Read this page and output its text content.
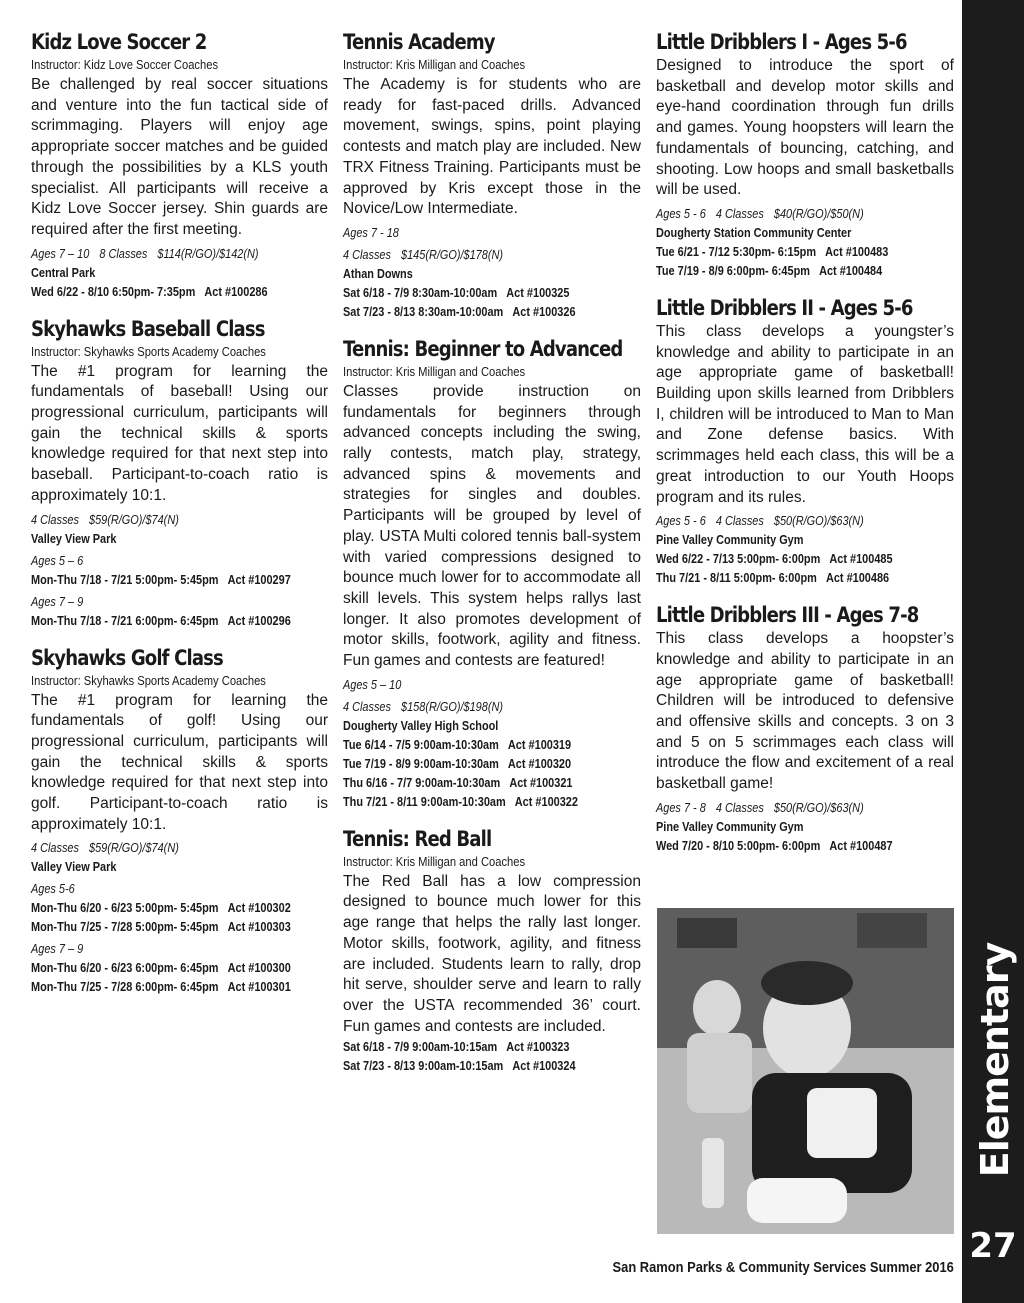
Kidz Love Soccer 2
Instructor: Kidz Love Soccer Coaches

Be challenged by real soccer situations and venture into the fun tactical side of scrimmaging. Players will enjoy age appropriate soccer matches and be guided through the possibilities by a KLS youth specialist. All participants will receive a Kidz Love Soccer jersey. Shin guards are required after the first meeting.

Ages 7 – 10 8 Classes $114(R/GO)/$142(N)
Central Park
Wed 6/22 - 8/10 6:50pm- 7:35pm Act #100286
Skyhawks Baseball Class
Instructor: Skyhawks Sports Academy Coaches

The #1 program for learning the fundamentals of baseball! Using our progressional curriculum, participants will gain the technical skills & sports knowledge required for that next step into baseball. Participant-to-coach ratio is approximately 10:1.

4 Classes $59(R/GO)/$74(N)
Valley View Park
Ages 5 – 6
Mon-Thu 7/18 - 7/21 5:00pm- 5:45pm Act #100297
Ages 7 – 9
Mon-Thu 7/18 - 7/21 6:00pm- 6:45pm Act #100296
Skyhawks Golf Class
Instructor: Skyhawks Sports Academy Coaches

The #1 program for learning the fundamentals of golf! Using our progressional curriculum, participants will gain the technical skills & sports knowledge required for that next step into golf. Participant-to-coach ratio is approximately 10:1.

4 Classes $59(R/GO)/$74(N)
Valley View Park
Ages 5-6
Mon-Thu 6/20 - 6/23 5:00pm- 5:45pm Act #100302
Mon-Thu 7/25 - 7/28 5:00pm- 5:45pm Act #100303
Ages 7 – 9
Mon-Thu 6/20 - 6/23 6:00pm- 6:45pm Act #100300
Mon-Thu 7/25 - 7/28 6:00pm- 6:45pm Act #100301
Tennis Academy
Instructor: Kris Milligan and Coaches

The Academy is for students who are ready for fast-paced drills. Advanced movement, swings, spins, point playing contests and match play are included. New TRX Fitness Training. Participants must be approved by Kris except those in the Novice/Low Intermediate.

Ages 7 - 18
4 Classes $145(R/GO)/$178(N)
Athan Downs
Sat 6/18 - 7/9 8:30am-10:00am Act #100325
Sat 7/23 - 8/13 8:30am-10:00am Act #100326
Tennis: Beginner to Advanced
Instructor: Kris Milligan and Coaches

Classes provide instruction on fundamentals for beginners through advanced concepts including the swing, rally contests, match play, strategy, advanced spins & movements and strategies for singles and doubles. Participants will be grouped by level of play. USTA Multi colored tennis ball-system with varied compressions designed to bounce much lower for to accommodate all skill levels. This system helps rallys last longer. It also promotes development of motor skills, footwork, agility and fitness. Fun games and contests are featured!

Ages 5 – 10
4 Classes $158(R/GO)/$198(N)
Dougherty Valley High School
Tue 6/14 - 7/5 9:00am-10:30am Act #100319
Tue 7/19 - 8/9 9:00am-10:30am Act #100320
Thu 6/16 - 7/7 9:00am-10:30am Act #100321
Thu 7/21 - 8/11 9:00am-10:30am Act #100322
Tennis: Red Ball
Instructor: Kris Milligan and Coaches

The Red Ball has a low compression designed to bounce much lower for this age range that helps the rally last longer. Motor skills, footwork, agility, and fitness are included. Students learn to rally, drop hit serve, shoulder serve and learn to rally over the USTA recommended 36’ court. Fun games and contests are included.

Sat 6/18 - 7/9 9:00am-10:15am Act #100323
Sat 7/23 - 8/13 9:00am-10:15am Act #100324
Little Dribblers I - Ages 5-6

Designed to introduce the sport of basketball and develop motor skills and eye-hand coordination through fun drills and games. Young hoopsters will learn the fundamentals of bouncing, catching, and shooting. Low hoops and small basketballs will be used.

Ages 5 - 6 4 Classes $40(R/GO)/$50(N)
Dougherty Station Community Center
Tue 6/21 - 7/12 5:30pm- 6:15pm Act #100483
Tue 7/19 - 8/9 6:00pm- 6:45pm Act #100484
Little Dribblers II - Ages 5-6

This class develops a youngster’s knowledge and ability to participate in an age appropriate game of basketball! Building upon skills learned from Dribblers I, children will be introduced to Man to Man and Zone defense basics. With scrimmages held each class, this will be a great introduction to our Youth Hoops program and its rules.

Ages 5 - 6 4 Classes $50(R/GO)/$63(N)
Pine Valley Community Gym
Wed 6/22 - 7/13 5:00pm- 6:00pm Act #100485
Thu 7/21 - 8/11 5:00pm- 6:00pm Act #100486
Little Dribblers III - Ages 7-8

This class develops a hoopster’s knowledge and ability to participate in an age appropriate game of basketball! Children will be introduced to defensive and offensive skills and concepts. 3 on 3 and 5 on 5 scrimmages each class will introduce the flow and excitement of a real basketball game!

Ages 7 - 8 4 Classes $50(R/GO)/$63(N)
Pine Valley Community Gym
Wed 7/20 - 8/10 5:00pm- 6:00pm Act #100487
Elementary
27
San Ramon Parks & Community Services Summer 2016
